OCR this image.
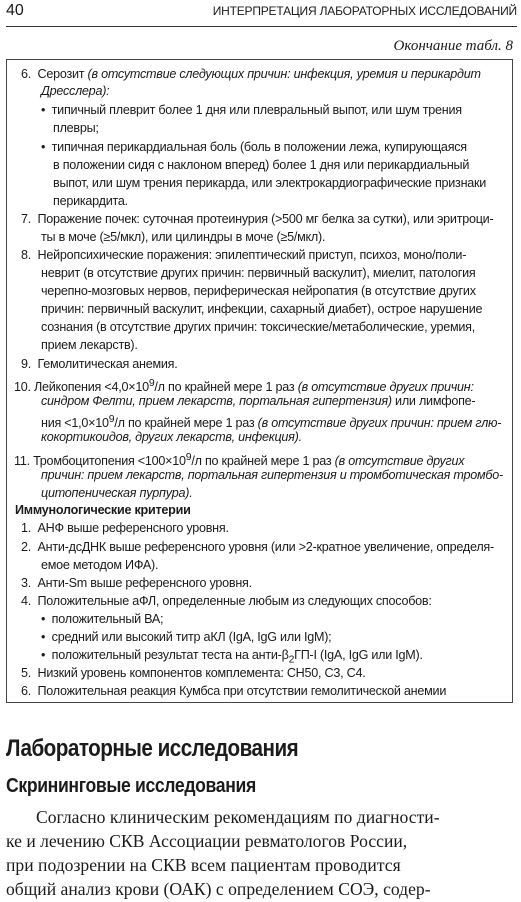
40	ИНТЕРПРЕТАЦИЯ ЛАБОРАТОРНЫХ ИССЛЕДОВАНИЙ
Окончание табл. 8
6.  Серозит (в отсутствие следующих причин: инфекция, уремия и перикардит
Дресслера):
•  типичный плеврит более 1 дня или плевральный выпот, или шум трения
плевры;
•  типичная перикардиальная боль (боль в положении лежа, купирующаяся
в положении сидя с наклоном вперед) более 1 дня или перикардиальный
выпот, или шум трения перикарда, или электрокардиографические признаки
перикардита.
7.  Поражение почек: суточная протеинурия (>500 мг белка за сутки), или эритроци-
ты в моче (≥5/мкл), или цилиндры в моче (≥5/мкл).
8.  Нейропсихические поражения: эпилептический приступ, психоз, моно/поли-
неврит (в отсутствие других причин: первичный васкулит), миелит, патология
черепно-мозговых нервов, периферическая нейропатия (в отсутствие других
причин: первичный васкулит, инфекции, сахарный диабет), острое нарушение
сознания (в отсутствие других причин: токсические/метаболические, уремия,
прием лекарств).
9.  Гемолитическая анемия.
10. Лейкопения $<4,0\times 10^9/л$ по крайней мере 1 раз (в отсутствие других причин:
синдром Фелти, прием лекарств, портальная гипертензия) или лимфопе-
ния $<1,0\times 10^9/л$ по крайней мере 1 раз (в отсутствие других причин: прием глю-
кокортикоидов, других лекарств, инфекция).
11. Тромбоцитопения $<100\times 10^9/л$ по крайней мере 1 раз (в отсутствие других
причин: прием лекарств, портальная гипертензия и тромботическая тромбо-
цитопеническая пурпура).
Иммунологические критерии
1.  АНФ выше референсного уровня.
2.  Анти-дсДНК выше референсного уровня (или >2-кратное увеличение, определя-
емое методом ИФА).
3.  Анти-Sm выше референсного уровня.
4.  Положительные аФЛ, определенные любым из следующих способов:
•  положительный ВА;
•  средний или высокий титр аКЛ (IgA, IgG или IgM);
•  положительный результат теста на анти-$\beta_2ГП-I$ (IgA, IgG или IgM).
5.  Низкий уровень компонентов комплемента: CH50, C3, C4.
6.  Положительная реакция Кумбса при отсутствии гемолитической анемии
Лабораторные исследования
Скрининговые исследования
Согласно клиническим рекомендациям по диагности-
ке и лечению СКВ Ассоциации ревматологов России,
при подозрении на СКВ всем пациентам проводится
общий анализ крови (ОАК) с определением СОЭ, содер-
